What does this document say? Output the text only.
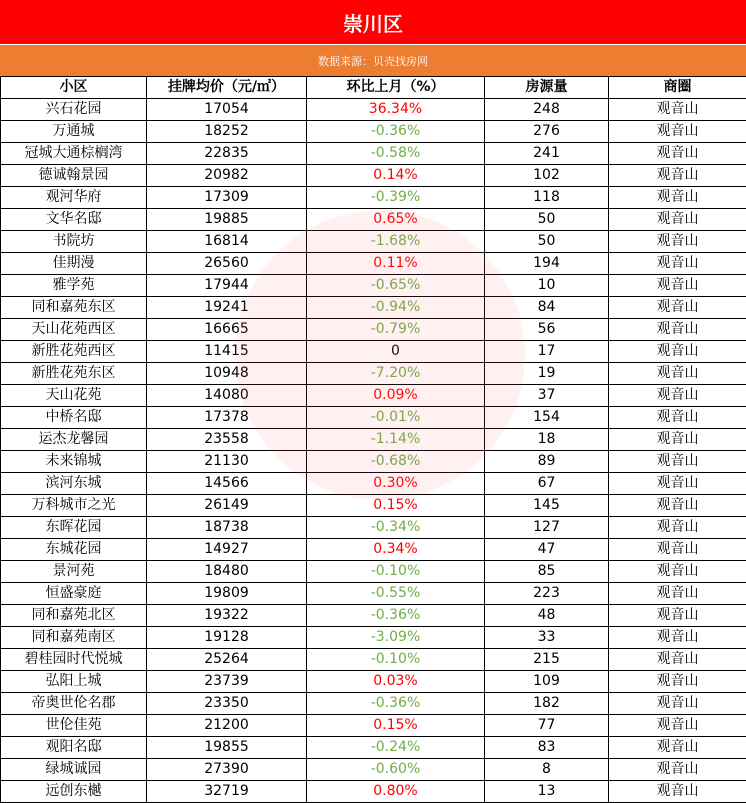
崇川区
数据来源：贝壳找房网
小区	挂牌均价（元/㎡）	环比上月（%）	房源量	商圈
兴石花园	17054	36.34%	248	观音山
万通城	18252	-0.36%	276	观音山
冠城大通棕榈湾	22835	-0.58%	241	观音山
德诚翰景园	20982	0.14%	102	观音山
观河华府	17309	-0.39%	118	观音山
文华名邸	19885	0.65%	50	观音山
书院坊	16814	-1.68%	50	观音山
佳期漫	26560	0.11%	194	观音山
雅学苑	17944	-0.65%	10	观音山
同和嘉苑东区	19241	-0.94%	84	观音山
天山花苑西区	16665	-0.79%	56	观音山
新胜花苑西区	11415	0	17	观音山
新胜花苑东区	10948	-7.20%	19	观音山
天山花苑	14080	0.09%	37	观音山
中桥名邸	17378	-0.01%	154	观音山
运杰龙馨园	23558	-1.14%	18	观音山
未来锦城	21130	-0.68%	89	观音山
滨河东城	14566	0.30%	67	观音山
万科城市之光	26149	0.15%	145	观音山
东晖花园	18738	-0.34%	127	观音山
东城花园	14927	0.34%	47	观音山
景河苑	18480	-0.10%	85	观音山
恒盛豪庭	19809	-0.55%	223	观音山
同和嘉苑北区	19322	-0.36%	48	观音山
同和嘉苑南区	19128	-3.09%	33	观音山
碧桂园时代悦城	25264	-0.10%	215	观音山
弘阳上城	23739	0.03%	109	观音山
帝奥世伦名郡	23350	-0.36%	182	观音山
世伦佳苑	21200	0.15%	77	观音山
观阳名邸	19855	-0.24%	83	观音山
绿城诚园	27390	-0.60%	8	观音山
远创东樾	32719	0.80%	13	观音山
